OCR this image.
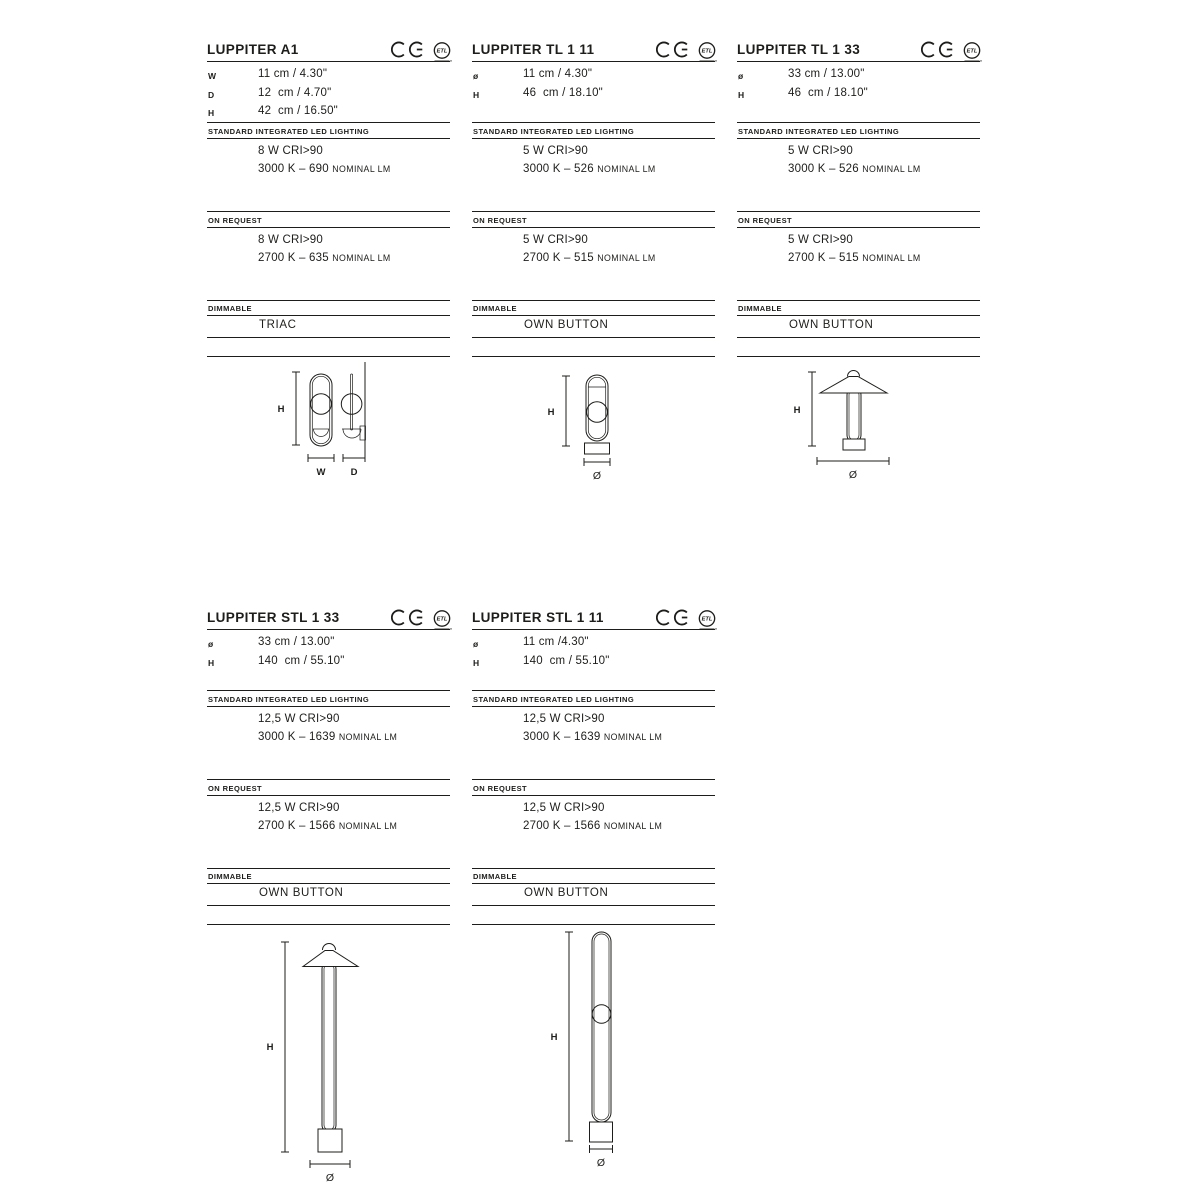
LUPPITER A1	ETL
W	11 cm / 4.30"
D	12  cm / 4.70"
H	42  cm / 16.50"
STANDARD INTEGRATED LED LIGHTING
8 W CRI>90
3000 K – 690 NOMINAL LM
ON REQUEST
8 W CRI>90
2700 K – 635 NOMINAL LM
DIMMABLE
TRIAC
H
W	D
LUPPITER TL 1 11	ETL
ø	11 cm / 4.30"
H	46  cm / 18.10"
STANDARD INTEGRATED LED LIGHTING
5 W CRI>90
3000 K – 526 NOMINAL LM
ON REQUEST
5 W CRI>90
2700 K – 515 NOMINAL LM
DIMMABLE
OWN BUTTON
H
Ø
LUPPITER TL 1 33	ETL
ø	33 cm / 13.00"
H	46  cm / 18.10"
STANDARD INTEGRATED LED LIGHTING
5 W CRI>90
3000 K – 526 NOMINAL LM
ON REQUEST
5 W CRI>90
2700 K – 515 NOMINAL LM
DIMMABLE
OWN BUTTON
H
Ø
LUPPITER STL 1 33	ETL
ø	33 cm / 13.00"
H	140  cm / 55.10"
STANDARD INTEGRATED LED LIGHTING
12,5 W CRI>90
3000 K – 1639 NOMINAL LM
ON REQUEST
12,5 W CRI>90
2700 K – 1566 NOMINAL LM
DIMMABLE
OWN BUTTON
H
Ø
LUPPITER STL 1 11	ETL
ø	11 cm /4.30"
H	140  cm / 55.10"
STANDARD INTEGRATED LED LIGHTING
12,5 W CRI>90
3000 K – 1639 NOMINAL LM
ON REQUEST
12,5 W CRI>90
2700 K – 1566 NOMINAL LM
DIMMABLE
OWN BUTTON
H
Ø
